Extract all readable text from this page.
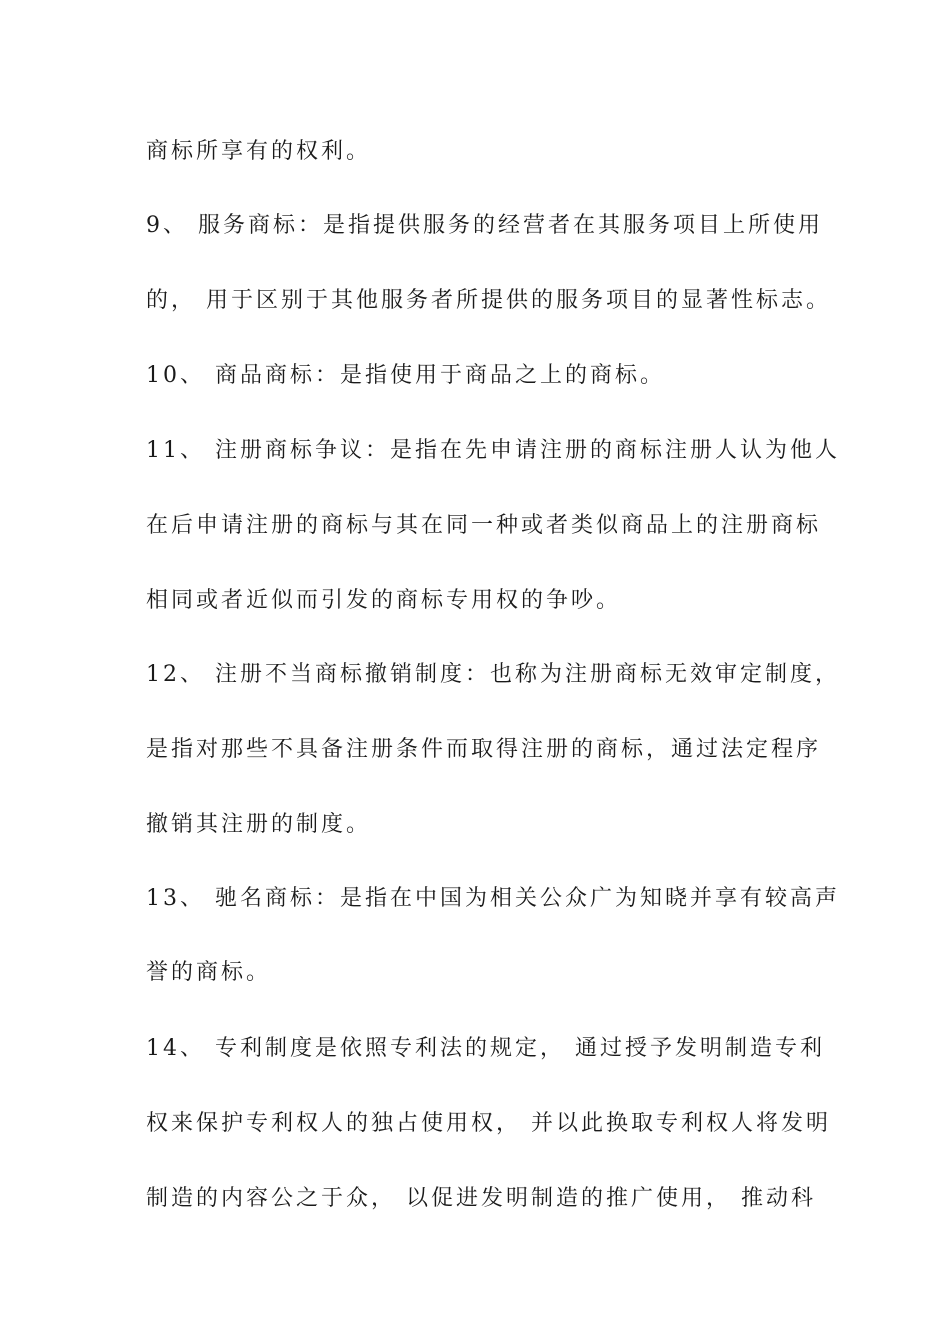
商标所享有的权利。
9、 服务商标：是指提供服务的经营者在其服务项目上所使用
的， 用于区别于其他服务者所提供的服务项目的显著性标志。
10、 商品商标：是指使用于商品之上的商标。
11、 注册商标争议：是指在先申请注册的商标注册人认为他人
在后申请注册的商标与其在同一种或者类似商品上的注册商标
相同或者近似而引发的商标专用权的争吵。
12、 注册不当商标撤销制度：也称为注册商标无效审定制度，
是指对那些不具备注册条件而取得注册的商标，通过法定程序
撤销其注册的制度。
13、 驰名商标：是指在中国为相关公众广为知晓并享有较高声
誉的商标。
14、 专利制度是依照专利法的规定， 通过授予发明制造专利
权来保护专利权人的独占使用权， 并以此换取专利权人将发明
制造的内容公之于众， 以促进发明制造的推广使用， 推动科
